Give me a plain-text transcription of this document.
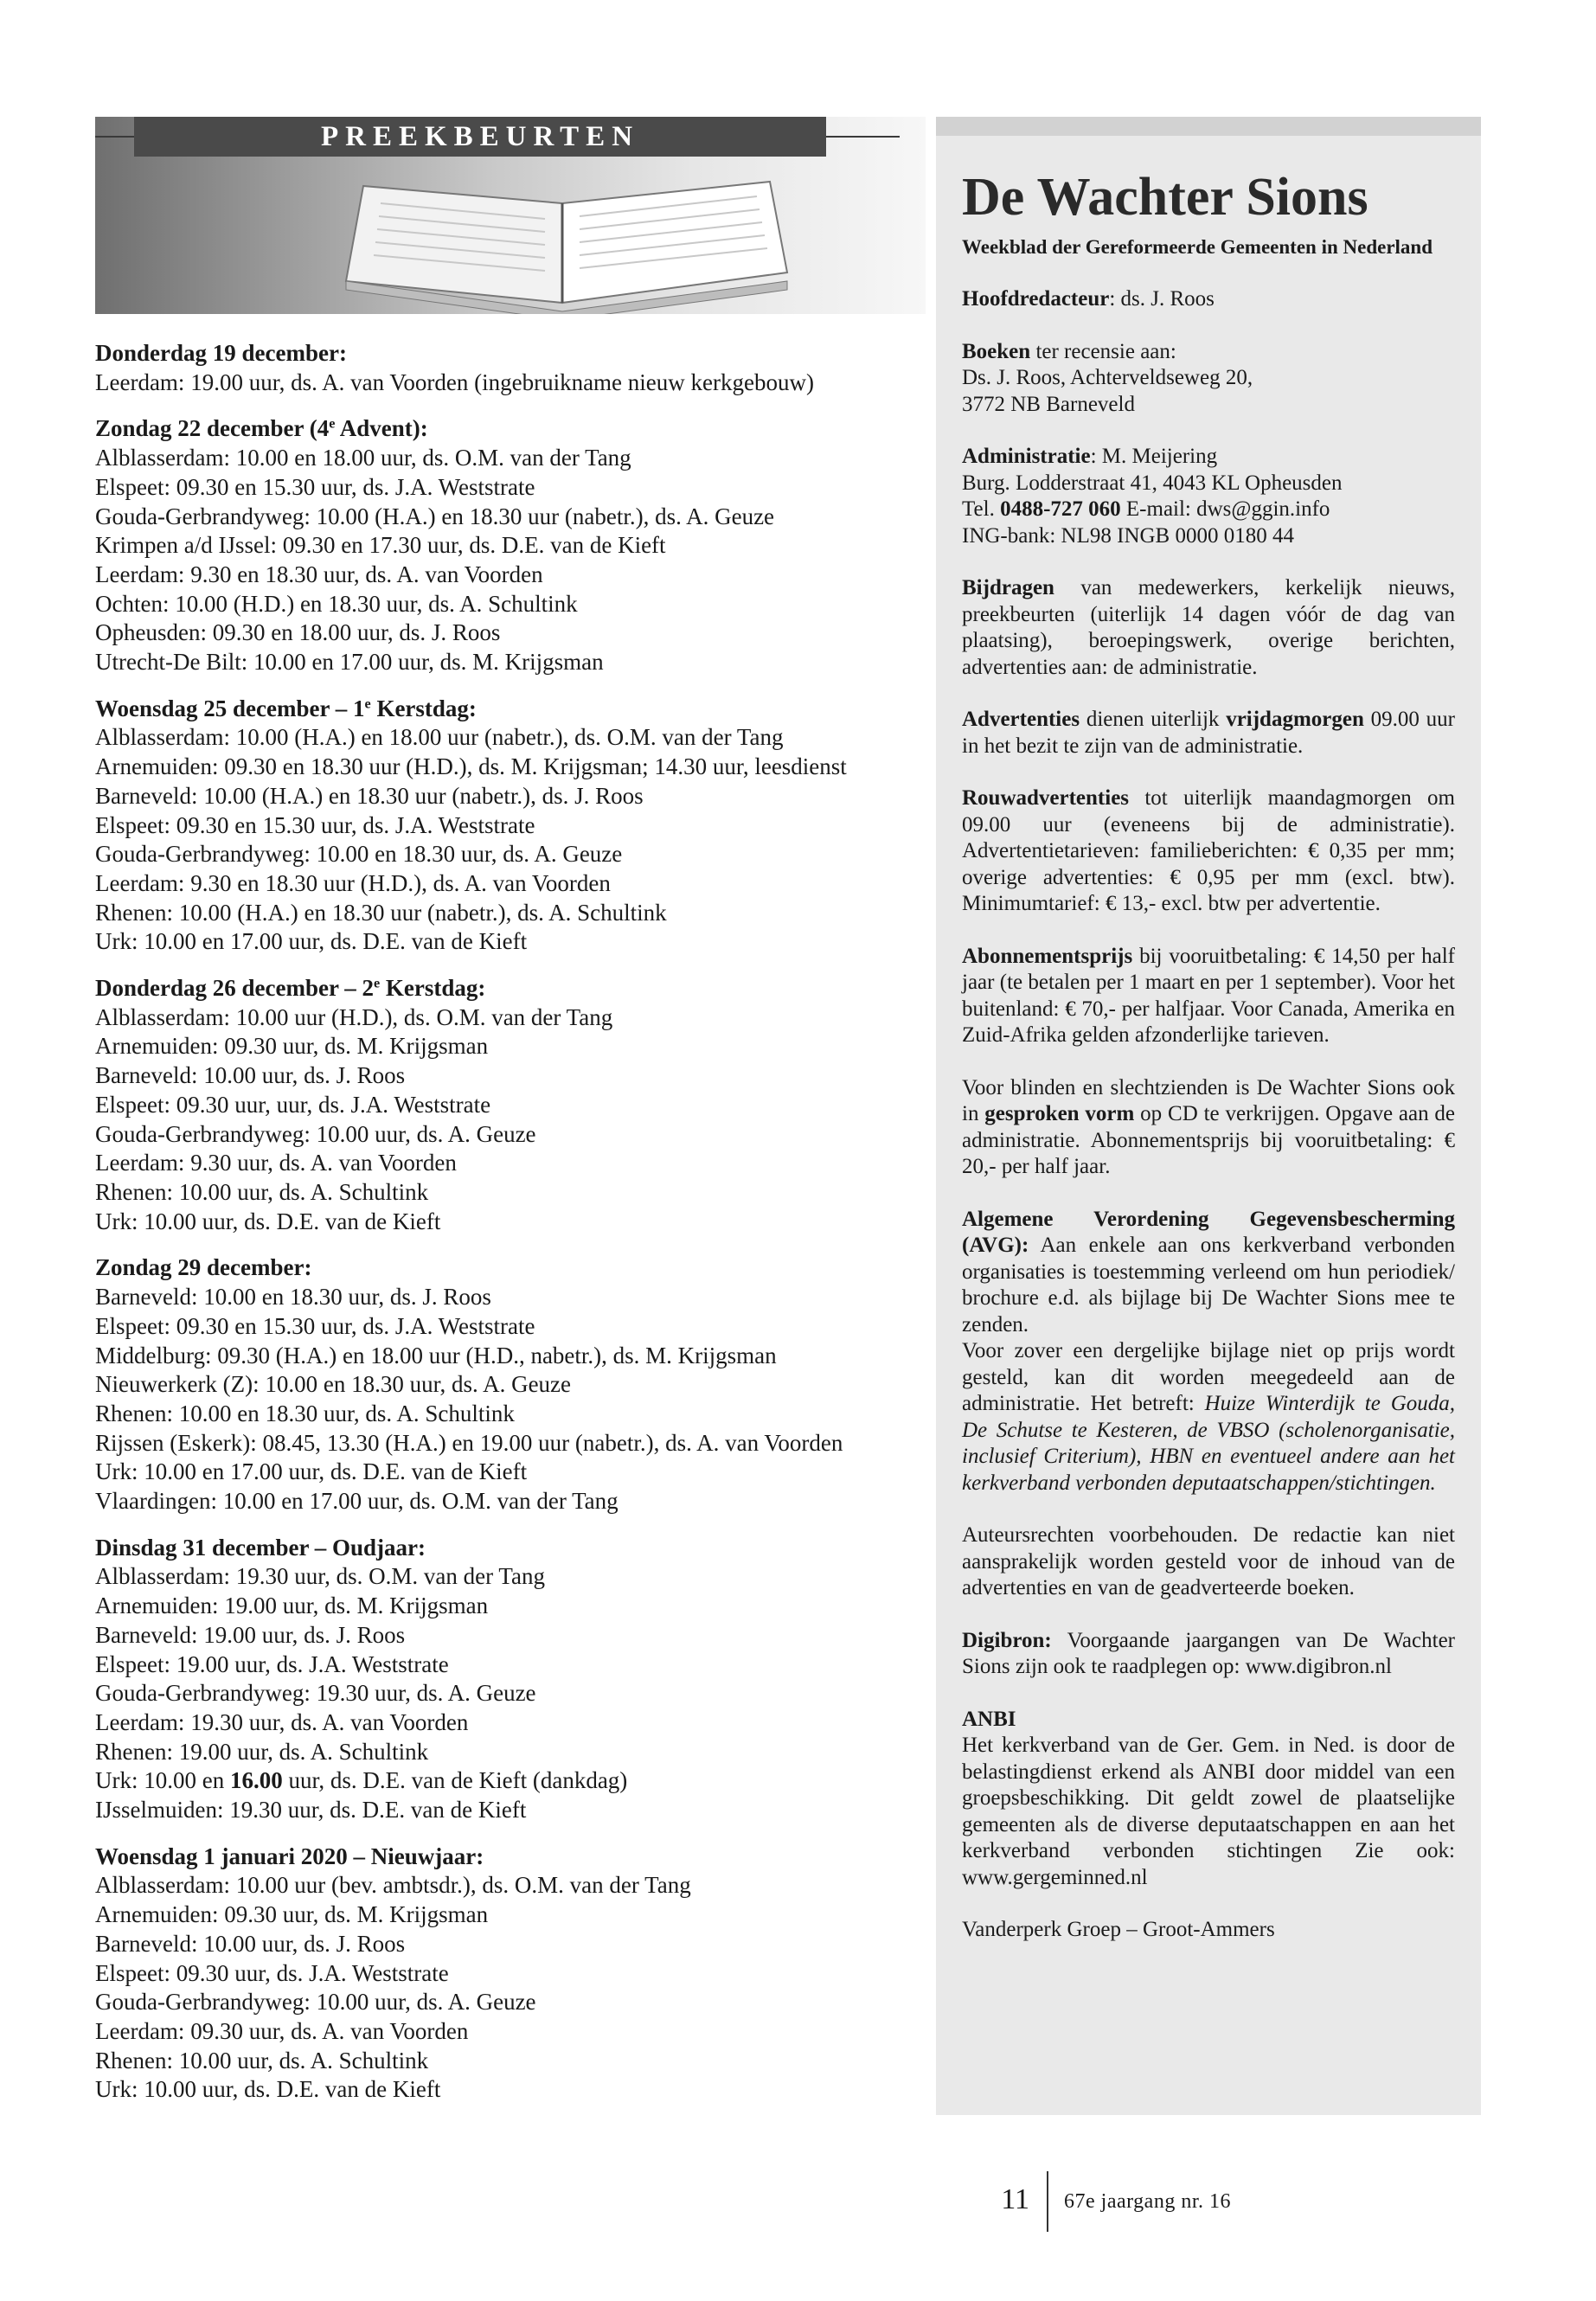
PREEKBEURTEN
Donderdag 19 december:

Leerdam: 19.00 uur, ds. A. van Voorden (ingebruikname nieuw kerkgebouw)

Zondag 22 december (4e Advent):

Alblasserdam: 10.00 en 18.00 uur, ds. O.M. van der Tang

Elspeet: 09.30 en 15.30 uur, ds. J.A. Weststrate

Gouda-Gerbrandyweg: 10.00 (H.A.) en 18.30 uur (nabetr.), ds. A. Geuze

Krimpen a/d IJssel: 09.30 en 17.30 uur, ds. D.E. van de Kieft

Leerdam: 9.30 en 18.30 uur, ds. A. van Voorden

Ochten: 10.00 (H.D.) en 18.30 uur, ds. A. Schultink

Opheusden: 09.30 en 18.00 uur, ds. J. Roos

Utrecht-De Bilt: 10.00 en 17.00 uur, ds. M. Krijgsman

Woensdag 25 december – 1e Kerstdag:

Alblasserdam: 10.00 (H.A.) en 18.00 uur (nabetr.), ds. O.M. van der Tang

Arnemuiden: 09.30 en 18.30 uur (H.D.), ds. M. Krijgsman; 14.30 uur, leesdienst

Barneveld: 10.00 (H.A.) en 18.30 uur (nabetr.), ds. J. Roos

Elspeet: 09.30 en 15.30 uur, ds. J.A. Weststrate

Gouda-Gerbrandyweg: 10.00 en 18.30 uur, ds. A. Geuze

Leerdam: 9.30 en 18.30 uur (H.D.), ds. A. van Voorden

Rhenen: 10.00 (H.A.) en 18.30 uur (nabetr.), ds. A. Schultink

Urk: 10.00 en 17.00 uur, ds. D.E. van de Kieft

Donderdag 26 december – 2e Kerstdag:

Alblasserdam: 10.00 uur (H.D.), ds. O.M. van der Tang

Arnemuiden: 09.30 uur, ds. M. Krijgsman

Barneveld: 10.00 uur, ds. J. Roos

Elspeet: 09.30 uur, uur, ds. J.A. Weststrate

Gouda-Gerbrandyweg: 10.00 uur, ds. A. Geuze

Leerdam: 9.30 uur, ds. A. van Voorden

Rhenen: 10.00 uur, ds. A. Schultink

Urk: 10.00 uur, ds. D.E. van de Kieft

Zondag 29 december:

Barneveld: 10.00 en 18.30 uur, ds. J. Roos

Elspeet: 09.30 en 15.30 uur, ds. J.A. Weststrate

Middelburg: 09.30 (H.A.) en 18.00 uur (H.D., nabetr.), ds. M. Krijgsman

Nieuwerkerk (Z): 10.00 en 18.30 uur, ds. A. Geuze

Rhenen: 10.00 en 18.30 uur, ds. A. Schultink

Rijssen (Eskerk): 08.45, 13.30 (H.A.) en 19.00 uur (nabetr.), ds. A. van Voorden

Urk: 10.00 en 17.00 uur, ds. D.E. van de Kieft

Vlaardingen: 10.00 en 17.00 uur, ds. O.M. van der Tang

Dinsdag 31 december – Oudjaar:

Alblasserdam: 19.30 uur, ds. O.M. van der Tang

Arnemuiden: 19.00 uur, ds. M. Krijgsman

Barneveld: 19.00 uur, ds. J. Roos

Elspeet: 19.00 uur, ds. J.A. Weststrate

Gouda-Gerbrandyweg: 19.30 uur, ds. A. Geuze

Leerdam: 19.30 uur, ds. A. van Voorden

Rhenen: 19.00 uur, ds. A. Schultink

Urk: 10.00 en 16.00 uur, ds. D.E. van de Kieft (dankdag)

IJsselmuiden: 19.30 uur, ds. D.E. van de Kieft

Woensdag 1 januari 2020 – Nieuwjaar:

Alblasserdam: 10.00 uur (bev. ambtsdr.), ds. O.M. van der Tang

Arnemuiden: 09.30 uur, ds. M. Krijgsman

Barneveld: 10.00 uur, ds. J. Roos

Elspeet: 09.30 uur, ds. J.A. Weststrate

Gouda-Gerbrandyweg: 10.00 uur, ds. A. Geuze

Leerdam: 09.30 uur, ds. A. van Voorden

Rhenen: 10.00 uur, ds. A. Schultink

Urk: 10.00 uur, ds. D.E. van de Kieft

De Wachter Sions

Weekblad der Gereformeerde Gemeenten in Nederland

Hoofdredacteur: ds. J. Roos

Boeken ter recensie aan:

Ds. J. Roos, Achterveldseweg 20,

3772 NB Barneveld

Administratie: M. Meijering

Burg. Lodderstraat 41, 4043 KL Opheusden

Tel. 0488-727 060 E-mail: dws@ggin.info

ING-bank: NL98 INGB 0000 0180 44

Bijdragen van medewerkers, kerkelijk nieuws, preekbeurten (uiterlijk 14 dagen vóór de dag van plaatsing), beroepingswerk, overige berichten, advertenties aan: de administratie.

Advertenties dienen uiterlijk vrijdagmorgen 09.00 uur in het bezit te zijn van de administratie.

Rouwadvertenties tot uiterlijk maandagmorgen om 09.00 uur (eveneens bij de administratie). Advertentietarieven: familieberichten: € 0,35 per mm; overige advertenties: € 0,95 per mm (excl. btw). Minimumtarief: € 13,- excl. btw per advertentie.

Abonnementsprijs bij vooruitbetaling: € 14,50 per half jaar (te betalen per 1 maart en per 1 september). Voor het buitenland: € 70,- per halfjaar. Voor Canada, Amerika en Zuid-Afrika gelden afzonderlijke tarieven.

Voor blinden en slechtzienden is De Wachter Sions ook in gesproken vorm op CD te verkrijgen. Opgave aan de administratie. Abonnementsprijs bij vooruitbetaling: € 20,- per half jaar.

Algemene Verordening Gegevensbescherming (AVG): Aan enkele aan ons kerkverband verbonden organisaties is toestemming verleend om hun periodiek/ brochure e.d. als bijlage bij De Wachter Sions mee te zenden.

Voor zover een dergelijke bijlage niet op prijs wordt gesteld, kan dit worden meegedeeld aan de administratie. Het betreft: Huize Winterdijk te Gouda, De Schutse te Kesteren, de VBSO (scholenorganisatie, inclusief Criterium), HBN en eventueel andere aan het kerkverband verbonden deputaatschappen/stichtingen.

Auteursrechten voorbehouden. De redactie kan niet aansprakelijk worden gesteld voor de inhoud van de advertenties en van de geadverteerde boeken.

Digibron: Voorgaande jaargangen van De Wachter Sions zijn ook te raadplegen op: www.digibron.nl

ANBI

Het kerkverband van de Ger. Gem. in Ned. is door de belastingdienst erkend als ANBI door middel van een groepsbeschikking. Dit geldt zowel de plaatselijke gemeenten als de diverse deputaatschappen en aan het kerkverband verbonden stichtingen Zie ook: www.gergeminned.nl

Vanderperk Groep – Groot-Ammers

11 67e jaargang nr. 16
